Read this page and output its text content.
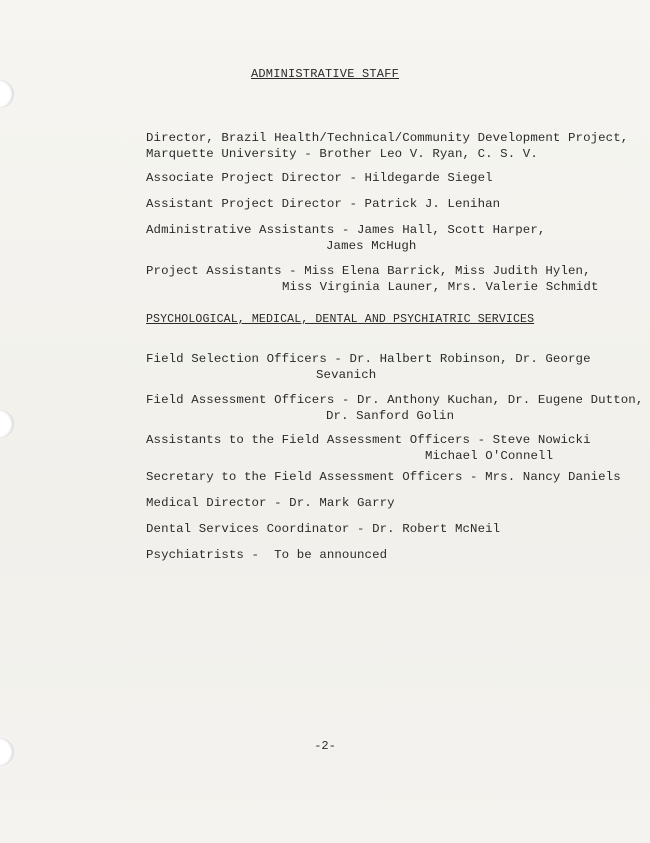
ADMINISTRATIVE STAFF
Director, Brazil Health/Technical/Community Development Project,
Marquette University - Brother Leo V. Ryan, C. S. V.
Associate Project Director - Hildegarde Siegel
Assistant Project Director - Patrick J. Lenihan
Administrative Assistants - James Hall, Scott Harper,
James McHugh
Project Assistants - Miss Elena Barrick, Miss Judith Hylen,
Miss Virginia Launer, Mrs. Valerie Schmidt
PSYCHOLOGICAL, MEDICAL, DENTAL AND PSYCHIATRIC SERVICES
Field Selection Officers - Dr. Halbert Robinson, Dr. George
Sevanich
Field Assessment Officers - Dr. Anthony Kuchan, Dr. Eugene Dutton,
Dr. Sanford Golin
Assistants to the Field Assessment Officers - Steve Nowicki
Michael O'Connell
Secretary to the Field Assessment Officers - Mrs. Nancy Daniels
Medical Director - Dr. Mark Garry
Dental Services Coordinator - Dr. Robert McNeil
Psychiatrists -  To be announced
-2-
